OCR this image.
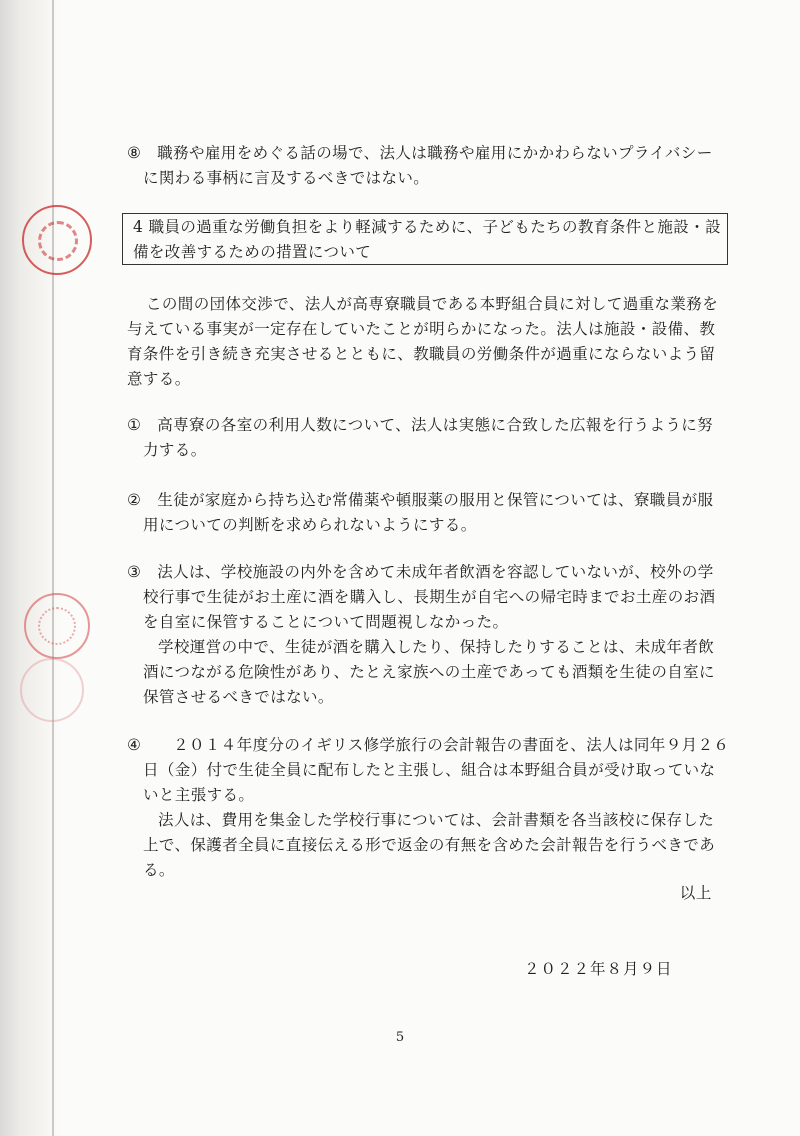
⑧　 職務や雇用をめぐる話の場で、法人は職務や雇用にかかわらないプライバシー
に関わる事柄に言及するべきではない。
4 職員の過重な労働負担をより軽減するために、子どもたちの教育条件と施設・設
備を改善するための措置について
この間の団体交渉で、法人が高専寮職員である本野組合員に対して過重な業務を
与えている事実が一定存在していたことが明らかになった。法人は施設・設備、教
育条件を引き続き充実させるとともに、教職員の労働条件が過重にならないよう留
意する。
①　 高専寮の各室の利用人数について、法人は実態に合致した広報を行うように努
力する。
②　 生徒が家庭から持ち込む常備薬や頓服薬の服用と保管については、寮職員が服
用についての判断を求められないようにする。
③　 法人は、学校施設の内外を含めて未成年者飲酒を容認していないが、校外の学
校行事で生徒がお土産に酒を購入し、長期生が自宅への帰宅時までお土産のお酒
を自室に保管することについて問題視しなかった。
学校運営の中で、生徒が酒を購入したり、保持したりすることは、未成年者飲
酒につながる危険性があり、たとえ家族への土産であっても酒類を生徒の自室に
保管させるべきではない。
④　　 ２０１４年度分のイギリス修学旅行の会計報告の書面を、法人は同年９月２６
日（金）付で生徒全員に配布したと主張し、組合は本野組合員が受け取っていな
いと主張する。
法人は、費用を集金した学校行事については、会計書類を各当該校に保存した
上で、保護者全員に直接伝える形で返金の有無を含めた会計報告を行うべきであ
る。
以上
２０２２年８月９日
5
